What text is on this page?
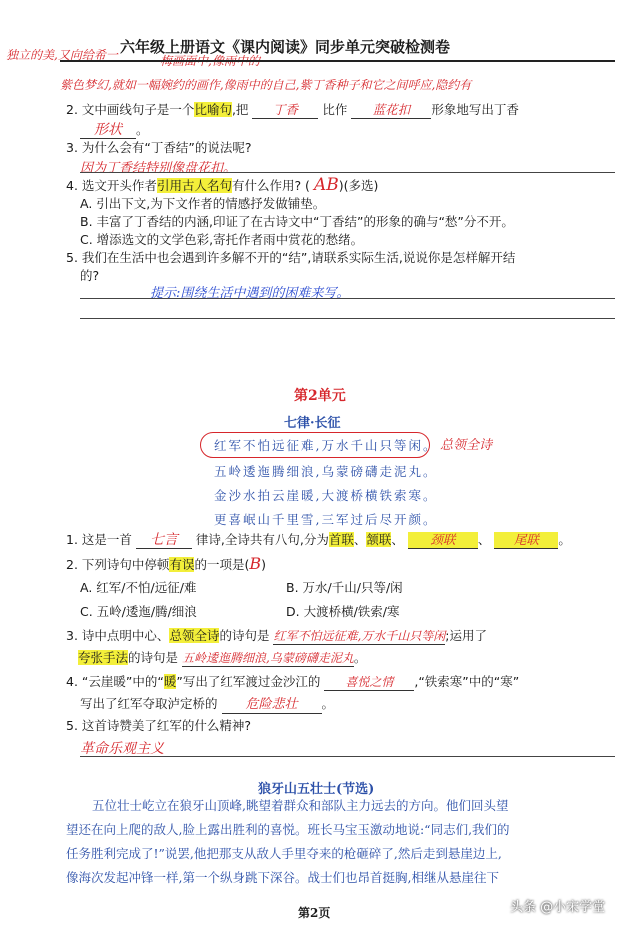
独立的美,又向给希一 六年级上册语文《课内阅读》同步单元突破检测卷
梅画面中,像雨中的
紫色梦幻,就如一幅婉约的画作,像雨中的自己,紫丁香种子和它之间呼应,隐约有
2. 文中画线句子是一个比喻句,把 丁香 比作 蓝花扣 形象地写出丁香
形状 。
3. 为什么会有“丁香结”的说法呢?
因为丁香结特别像盘花扣。
4. 选文开头作者引用古人名句有什么作用? ( AB)(多选)
A. 引出下文,为下文作者的情感抒发做铺垫。
B. 丰富了丁香结的内涵,印证了在古诗文中“丁香结”的形象的确与“愁”分不开。
C. 增添选文的文学色彩,寄托作者雨中赏花的愁绪。
5. 我们在生活中也会遇到许多解不开的“结”,请联系实际生活,说说你是怎样解开结
的?
提示:围绕生活中遇到的困难来写。
第2单元
七律·长征
红军不怕远征难,万水千山只等闲。 总领全诗
五岭逶迤腾细浪,乌蒙磅礴走泥丸。
金沙水拍云崖暖,大渡桥横铁索寒。
更喜岷山千里雪,三军过后尽开颜。
1. 这是一首 七言 律诗,全诗共有八句,分为首联、颔联、 颈联 、 尾联 。
2. 下列诗句中停顿有误的一项是(B)
A. 红军/不怕/远征/难	B. 万水/千山/只等/闲
C. 五岭/逶迤/腾/细浪	D. 大渡桥横/铁索/寒
3. 诗中点明中心、总领全诗的诗句是 红军不怕远征难,万水千山只等闲;运用了
夸张手法的诗句是 五岭逶迤腾细浪,乌蒙磅礴走泥丸。
4. “云崖暖”中的“暖”写出了红军渡过金沙江的 喜悦之情 ,“铁索寒”中的“寒”
写出了红军夺取泸定桥的 危险悲壮 。
5. 这首诗赞美了红军的什么精神?
革命乐观主义
狼牙山五壮士(节选)
五位壮士屹立在狼牙山顶峰,眺望着群众和部队主力远去的方向。他们回头望
望还在向上爬的敌人,脸上露出胜利的喜悦。班长马宝玉激动地说:“同志们,我们的
任务胜利完成了!”说罢,他把那支从敌人手里夺来的枪砸碎了,然后走到悬崖边上,
像海次发起冲锋一样,第一个纵身跳下深谷。战士们也昂首挺胸,相继从悬崖往下
第2页	头条 @小宋学堂
